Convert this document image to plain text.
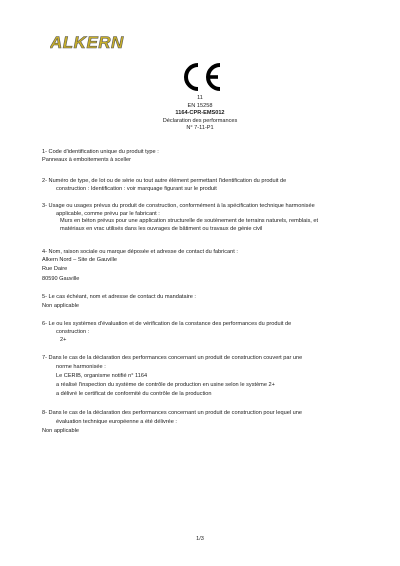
ALKERN
11
EN 15258
1164-CPR-EMS012
Déclaration des performances
N° 7-11-P1
1- Code d'identification unique du produit type :
Panneaux à emboitements à sceller
2- Numéro de type, de lot ou de série ou tout autre élément permettant l'identification du produit de
construction : Identification : voir marquage figurant sur le produit
3- Usage ou usages prévus du produit de construction, conformément à la spécification technique harmonisée
applicable, comme prévu par le fabricant :
Murs en béton prévus pour une application structurelle de soutènement de terrains naturels, remblais, et
matériaux en vrac utilisés dans les ouvrages de bâtiment ou travaux de génie civil
4- Nom, raison sociale ou marque déposée et adresse de contact du fabricant :
Alkern Nord – Site de Gauville
Rue Daire
80590 Gauville
5- Le cas échéant, nom et adresse de contact du mandataire :
Non applicable
6- Le ou les systèmes d'évaluation et de vérification de la constance des performances du produit de
construction :
2+
7- Dans le cas de la déclaration des performances concernant un produit de construction couvert par une
norme harmonisée :
Le CERIB, organisme notifié n° 1164
a réalisé l'inspection du système de contrôle de production en usine selon le système 2+
a délivré le certificat de conformité du contrôle de la production
8- Dans le cas de la déclaration des performances concernant un produit de construction pour lequel une
évaluation technique européenne a été délivrée :
Non applicable
1/3
